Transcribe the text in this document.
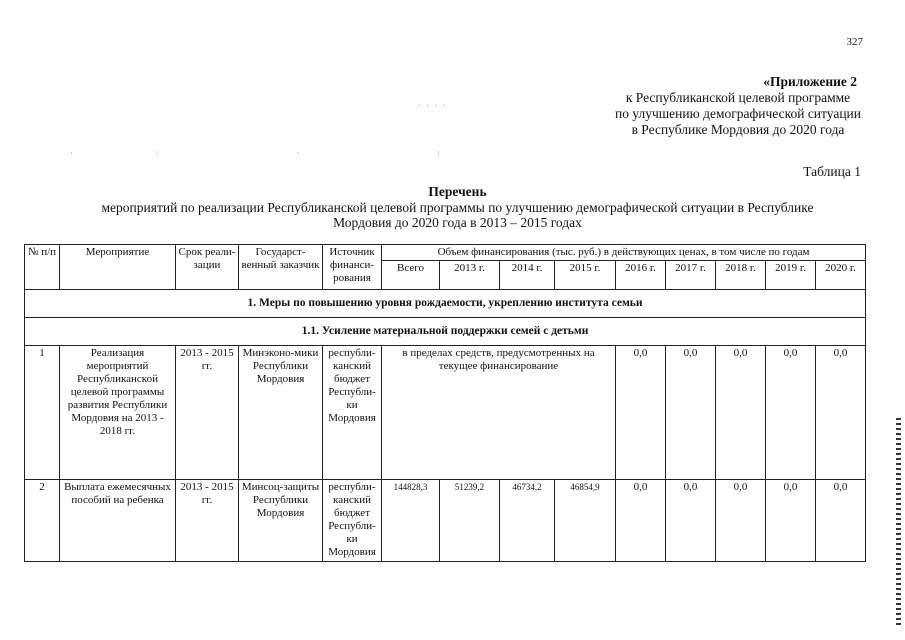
327
«Приложение 2
к Республиканской целевой программе
по улучшению демографической ситуации
в Республике Мордовия до 2020 года
Таблица 1
Перечень
мероприятий по реализации Республиканской целевой программы по улучшению демографической ситуации в Республике
Мордовия до 2020 года в 2013 – 2015 годах
№ п/п	Мероприятие	Срок реали-зации	Государст-венный заказчик	Источник финанси-рования	Объем финансирования (тыс. руб.) в действующих ценах, в том числе по годам								
					Всего	2013 г.	2014 г.	2015 г.	2016 г.	2017 г.	2018 г.	2019 г.	2020 г.

1. Меры по повышению уровня рождаемости, укреплению института семьи													
1.1. Усиление материальной поддержки семей с детьми													
1	Реализация мероприятий Республиканской целевой программы развития Республики Мордовия на 2013 - 2018 гг.	2013 - 2015 гг.	Минэконо-мики Республики Мордовия	республи-канский бюджет Республи-ки Мордовия	в пределах средств, предусмотренных на текущее финансирование				0,0	0,0	0,0	0,0	0,0
2	Выплата ежемесячных пособий на ребенка	2013 - 2015 гг.	Минсоц-защиты Республики Мордовия	республи-канский бюджет Республи-ки Мордовия	144828,3	51239,2	46734,2	46854,9	0,0	0,0	0,0	0,0	0,0
·                   :                                ·                                :
. . . .
